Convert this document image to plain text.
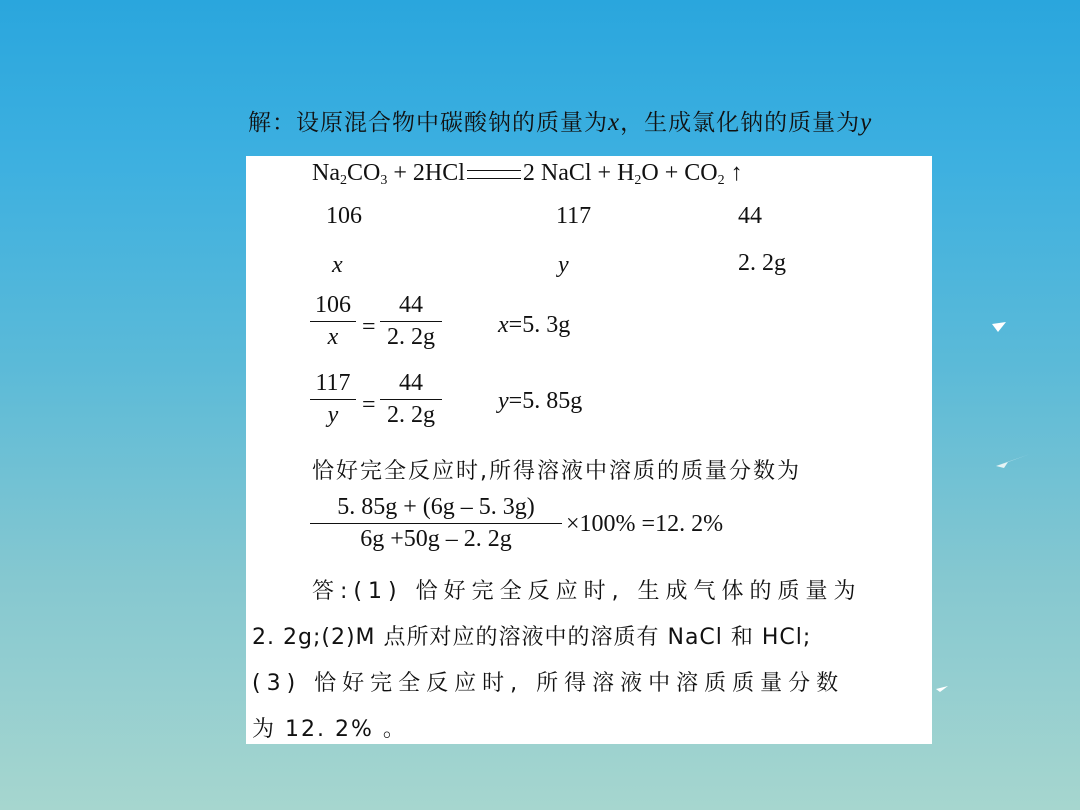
解：设原混合物中碳酸钠的质量为x，生成氯化钠的质量为y
$Na_2CO_3 + 2HCl$ 2 NaCl + $H_2O + CO_2$ ↑
106	117	44
x	y	2. 2g
$\frac{106}{x} = \frac{44}{2. 2g} x=5$. 3g
$\frac{117}{y} = \frac{44}{2. 2g} y=5$. 85g
恰好完全反应时,所得溶液中溶质的质量分数为
$\frac{5. 85g + (6g - 5. 3g)}{6g +50g - 2. 2g} \times 100\% =12$. 2%
答:(1) 恰好完全反应时, 生成气体的质量为
2. 2g;(2)M 点所对应的溶液中的溶质有 NaCl 和 HCl;
(3) 恰好完全反应时, 所得溶液中溶质质量分数
为 12. 2% 。
